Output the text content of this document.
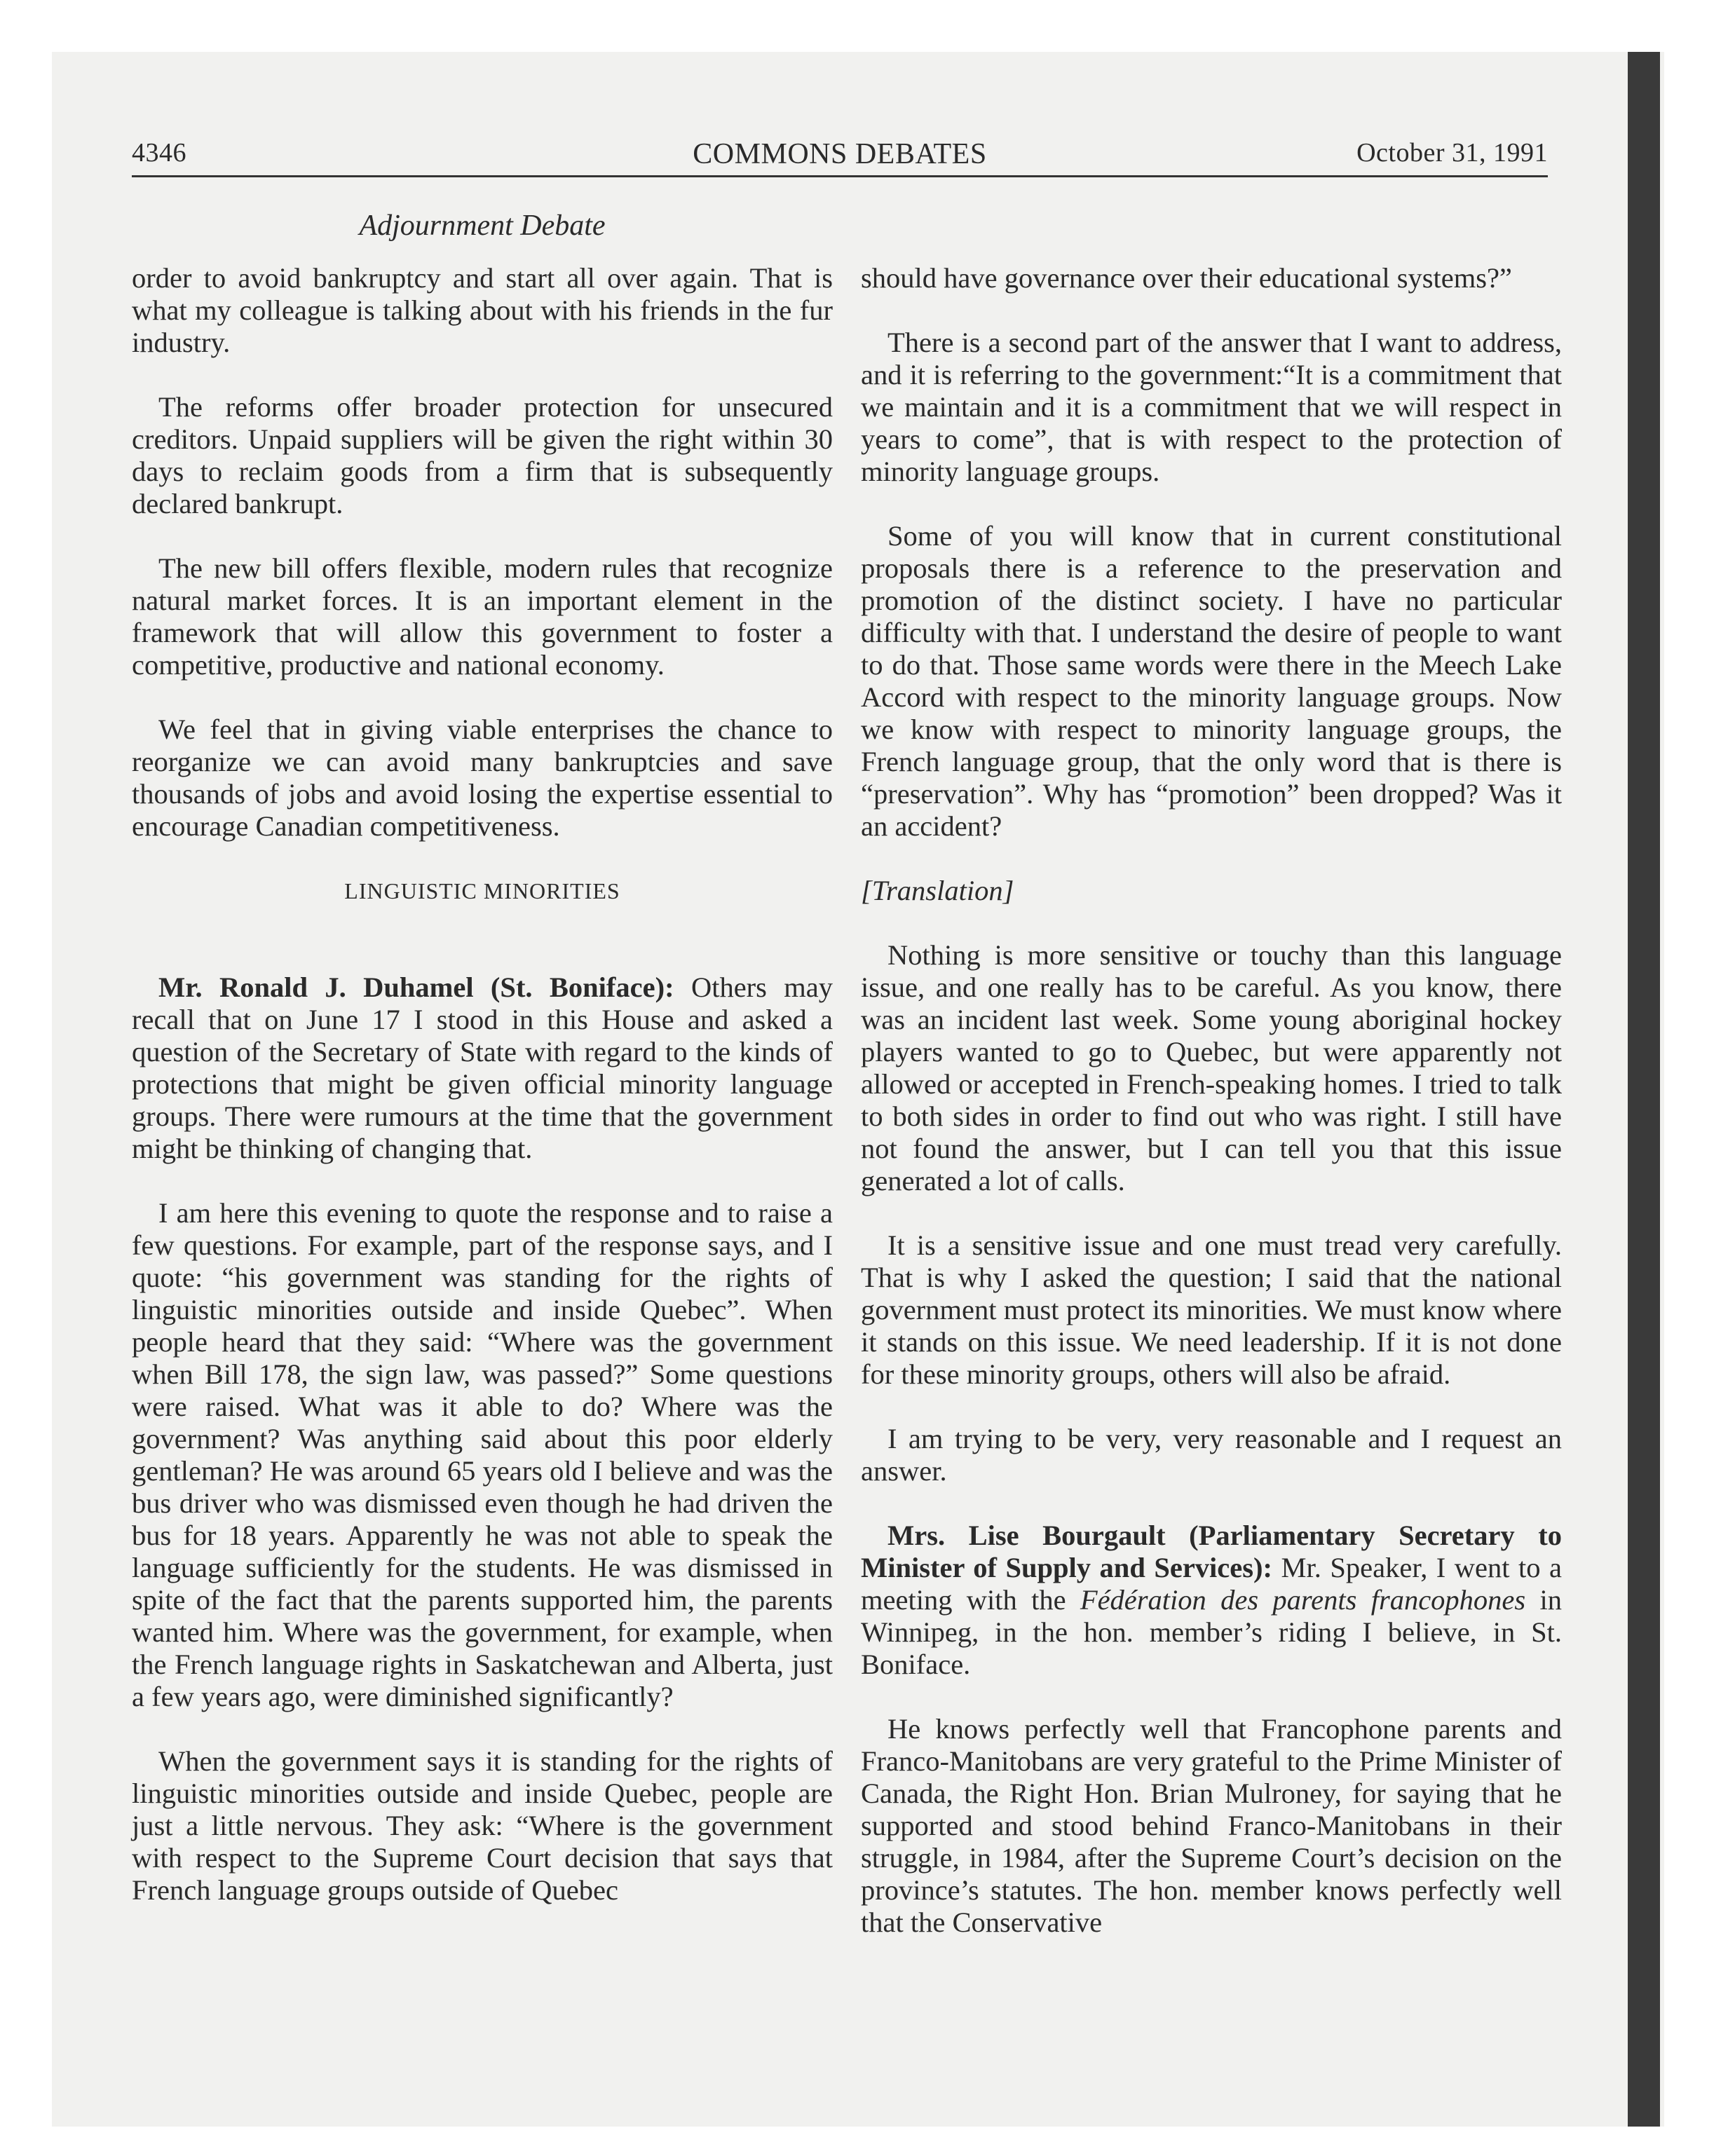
4346	COMMONS DEBATES	October 31, 1991
Adjournment Debate

order to avoid bankruptcy and start all over again. That is what my colleague is talking about with his friends in the fur industry.

The reforms offer broader protection for unsecured creditors. Unpaid suppliers will be given the right within 30 days to reclaim goods from a firm that is subsequently declared bankrupt.

The new bill offers flexible, modern rules that recognize natural market forces. It is an important element in the framework that will allow this government to foster a competitive, productive and national economy.

We feel that in giving viable enterprises the chance to reorganize we can avoid many bankruptcies and save thousands of jobs and avoid losing the expertise essential to encourage Canadian competitiveness.

LINGUISTIC MINORITIES

Mr. Ronald J. Duhamel (St. Boniface): Others may recall that on June 17 I stood in this House and asked a question of the Secretary of State with regard to the kinds of protections that might be given official minority language groups. There were rumours at the time that the government might be thinking of changing that.

I am here this evening to quote the response and to raise a few questions. For example, part of the response says, and I quote: “his government was standing for the rights of linguistic minorities outside and inside Quebec”. When people heard that they said: “Where was the government when Bill 178, the sign law, was passed?” Some questions were raised. What was it able to do? Where was the government? Was anything said about this poor elderly gentleman? He was around 65 years old I believe and was the bus driver who was dismissed even though he had driven the bus for 18 years. Apparently he was not able to speak the language sufficiently for the students. He was dismissed in spite of the fact that the parents supported him, the parents wanted him. Where was the government, for example, when the French language rights in Saskatchewan and Alberta, just a few years ago, were diminished significantly?

When the government says it is standing for the rights of linguistic minorities outside and inside Quebec, people are just a little nervous. They ask: “Where is the government with respect to the Supreme Court decision that says that French language groups outside of Quebec

should have governance over their educational systems?”

There is a second part of the answer that I want to address, and it is referring to the government:“It is a commitment that we maintain and it is a commitment that we will respect in years to come”, that is with respect to the protection of minority language groups.

Some of you will know that in current constitutional proposals there is a reference to the preservation and promotion of the distinct society. I have no particular difficulty with that. I understand the desire of people to want to do that. Those same words were there in the Meech Lake Accord with respect to the minority language groups. Now we know with respect to minority language groups, the French language group, that the only word that is there is “preservation”. Why has “promotion” been dropped? Was it an accident?

[Translation]

Nothing is more sensitive or touchy than this language issue, and one really has to be careful. As you know, there was an incident last week. Some young aboriginal hockey players wanted to go to Quebec, but were apparently not allowed or accepted in French-speaking homes. I tried to talk to both sides in order to find out who was right. I still have not found the answer, but I can tell you that this issue generated a lot of calls.

It is a sensitive issue and one must tread very carefully. That is why I asked the question; I said that the national government must protect its minorities. We must know where it stands on this issue. We need leadership. If it is not done for these minority groups, others will also be afraid.

I am trying to be very, very reasonable and I request an answer.

Mrs. Lise Bourgault (Parliamentary Secretary to Minister of Supply and Services): Mr. Speaker, I went to a meeting with the Fédération des parents francophones in Winnipeg, in the hon. member’s riding I believe, in St. Boniface.

He knows perfectly well that Francophone parents and Franco-Manitobans are very grateful to the Prime Minister of Canada, the Right Hon. Brian Mulroney, for saying that he supported and stood behind Franco-Manitobans in their struggle, in 1984, after the Supreme Court’s decision on the province’s statutes. The hon. member knows perfectly well that the Conservative
